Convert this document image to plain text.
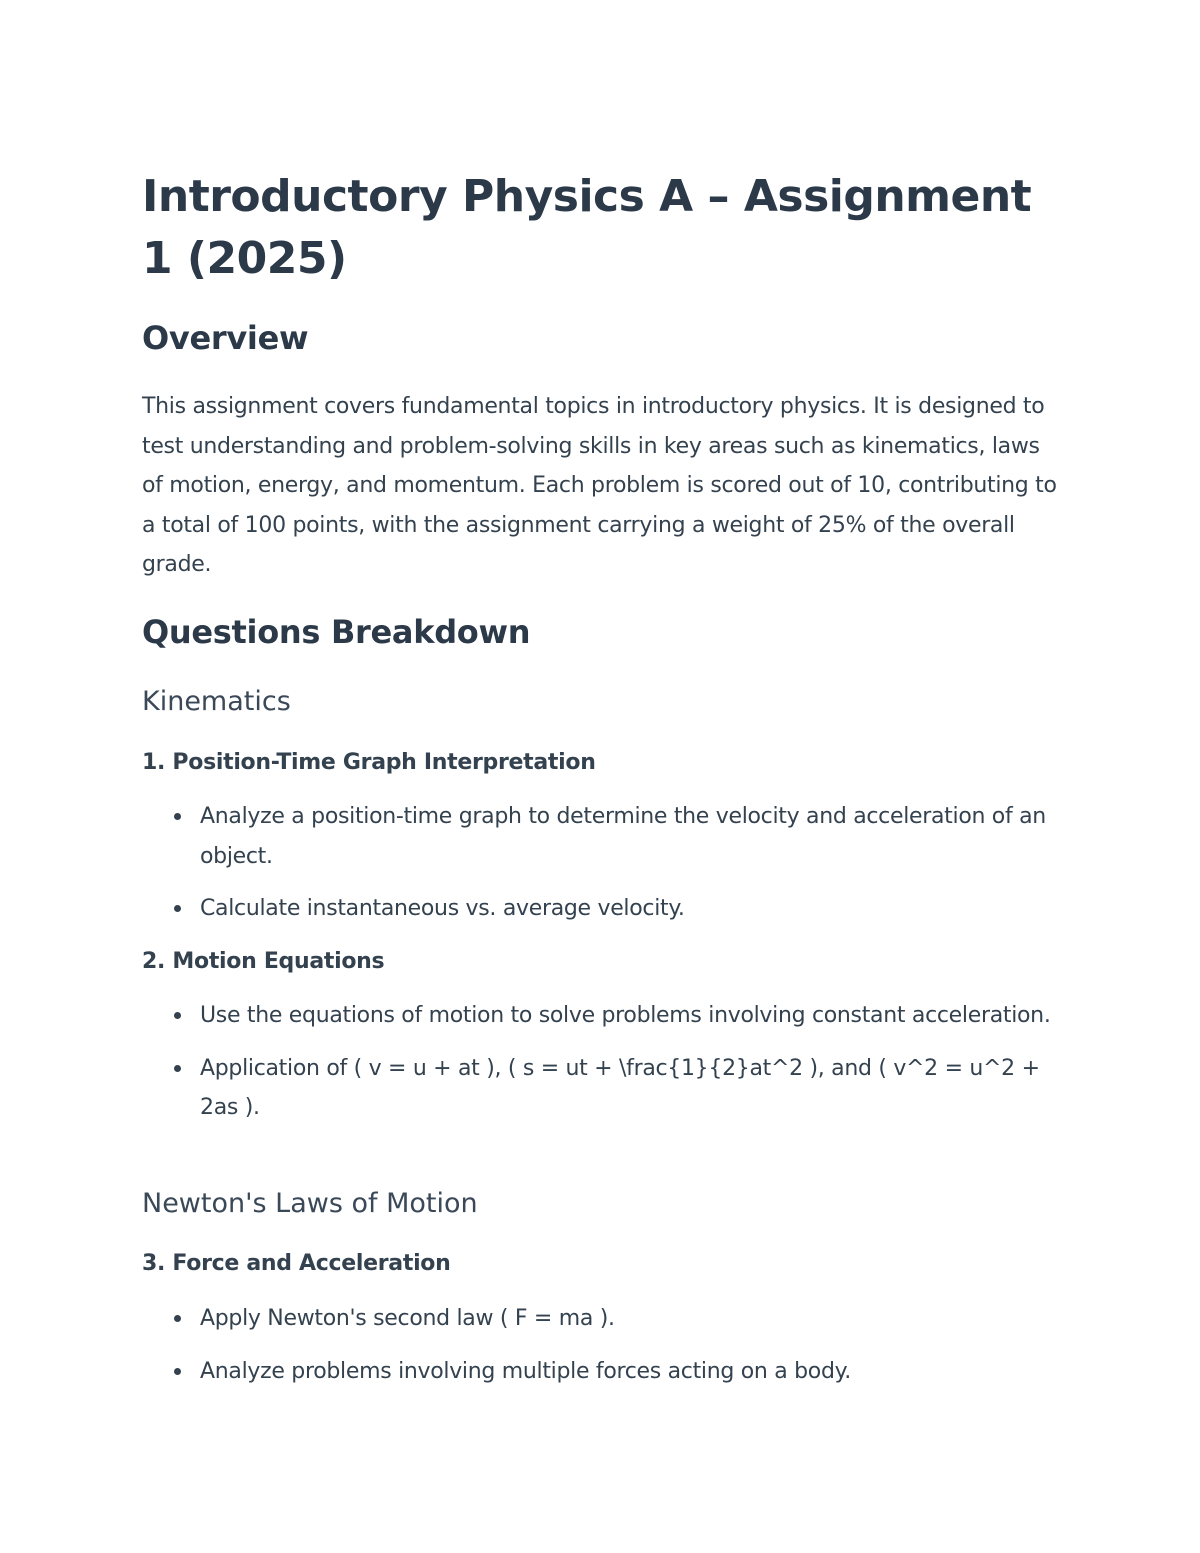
Introductory Physics A – Assignment 1 (2025)
Overview

This assignment covers fundamental topics in introductory physics. It is designed to test understanding and problem-solving skills in key areas such as kinematics, laws of motion, energy, and momentum. Each problem is scored out of 10, contributing to a total of 100 points, with the assignment carrying a weight of 25% of the overall grade.

Questions Breakdown
Kinematics
1. Position-Time Graph Interpretation
Analyze a position-time graph to determine the velocity and acceleration of an object.
Calculate instantaneous vs. average velocity.
2. Motion Equations
Use the equations of motion to solve problems involving constant acceleration.
Application of ( v = u + at ), ( s = ut + \frac{1}{2}at^2 ), and ( v^2 = u^2 + 2as ).
Newton's Laws of Motion
3. Force and Acceleration
Apply Newton's second law ( F = ma ).
Analyze problems involving multiple forces acting on a body.
